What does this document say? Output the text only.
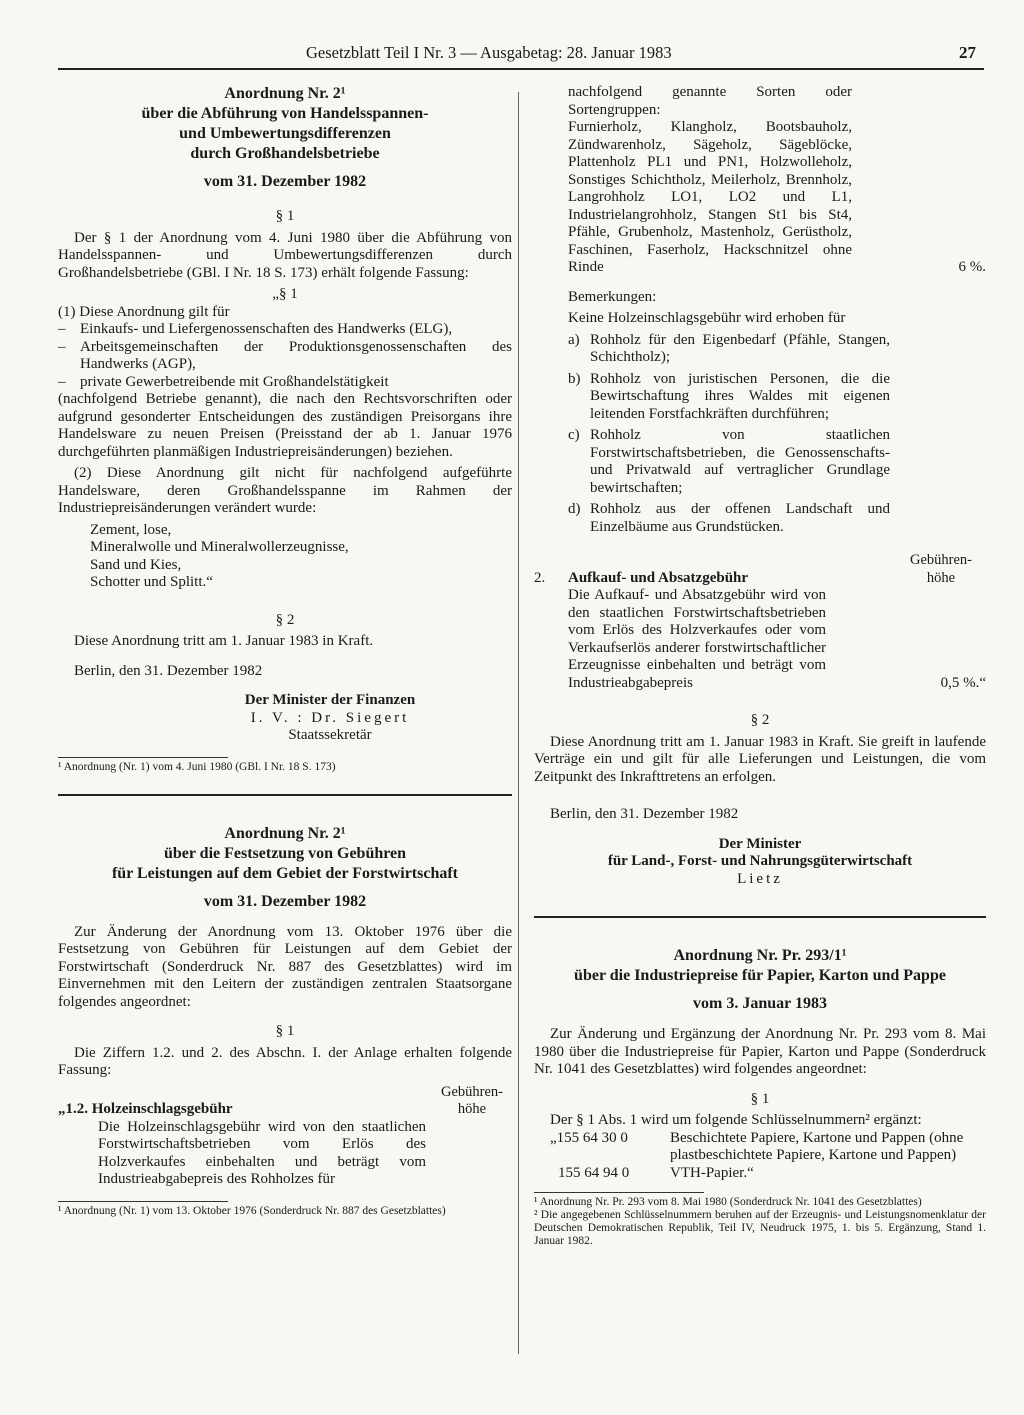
Gesetzblatt Teil I Nr. 3 — Ausgabetag: 28. Januar 1983	27
Anordnung Nr. 2¹
über die Abführung von Handelsspannen-
und Umbewertungsdifferenzen
durch Großhandelsbetriebe
vom 31. Dezember 1982
§ 1
Der § 1 der Anordnung vom 4. Juni 1980 über die Abführung von Handelsspannen- und Umbewertungsdifferenzen durch Großhandelsbetriebe (GBl. I Nr. 18 S. 173) erhält folgende Fassung:
„§ 1
(1) Diese Anordnung gilt für
– Einkaufs- und Liefergenossenschaften des Handwerks (ELG),
– Arbeitsgemeinschaften der Produktionsgenossenschaften des Handwerks (AGP),
– private Gewerbetreibende mit Großhandelstätigkeit
(nachfolgend Betriebe genannt), die nach den Rechtsvorschriften oder aufgrund gesonderter Entscheidungen des zuständigen Preisorgans ihre Handelsware zu neuen Preisen (Preisstand der ab 1. Januar 1976 durchgeführten planmäßigen Industriepreisänderungen) beziehen.
(2) Diese Anordnung gilt nicht für nachfolgend aufgeführte Handelsware, deren Großhandelsspanne im Rahmen der Industriepreisänderungen verändert wurde:
Zement, lose,
Mineralwolle und Mineralwollerzeugnisse,
Sand und Kies,
Schotter und Splitt.“
§ 2
Diese Anordnung tritt am 1. Januar 1983 in Kraft.
Berlin, den 31. Dezember 1982
Der Minister der Finanzen
I. V. : Dr. Siegert
Staatssekretär
¹ Anordnung (Nr. 1) vom 4. Juni 1980 (GBl. I Nr. 18 S. 173)
Anordnung Nr. 2¹
über die Festsetzung von Gebühren
für Leistungen auf dem Gebiet der Forstwirtschaft
vom 31. Dezember 1982
Zur Änderung der Anordnung vom 13. Oktober 1976 über die Festsetzung von Gebühren für Leistungen auf dem Gebiet der Forstwirtschaft (Sonderdruck Nr. 887 des Gesetzblattes) wird im Einvernehmen mit den Leitern der zuständigen zentralen Staatsorgane folgendes angeordnet:
§ 1
Die Ziffern 1.2. und 2. des Abschn. I. der Anlage erhalten folgende Fassung:
„1.2. Holzeinschlagsgebühr
Gebühren-
höhe
Die Holzeinschlagsgebühr wird von den staatlichen Forstwirtschaftsbetrieben vom Erlös des Holzverkaufes einbehalten und beträgt vom Industrieabgabepreis des Rohholzes für
¹ Anordnung (Nr. 1) vom 13. Oktober 1976 (Sonderdruck Nr. 887 des Gesetzblattes)
nachfolgend genannte Sorten oder Sortengruppen:
Furnierholz, Klangholz, Bootsbauholz, Zündwarenholz, Sägeholz, Sägeblöcke, Plattenholz PL1 und PN1, Holzwolleholz, Sonstiges Schichtholz, Meilerholz, Brennholz, Langrohholz LO1, LO2 und L1, Industrielangrohholz, Stangen St1 bis St4, Pfähle, Grubenholz, Mastenholz, Gerüstholz, Faschinen, Faserholz, Hackschnitzel ohne Rinde	6 %.
Bemerkungen:
Keine Holzeinschlagsgebühr wird erhoben für
a) Rohholz für den Eigenbedarf (Pfähle, Stangen, Schichtholz);
b) Rohholz von juristischen Personen, die die Bewirtschaftung ihres Waldes mit eigenen leitenden Forstfachkräften durchführen;
c) Rohholz von staatlichen Forstwirtschaftsbetrieben, die Genossenschafts- und Privatwald auf vertraglicher Grundlage bewirtschaften;
d) Rohholz aus der offenen Landschaft und Einzelbäume aus Grundstücken.
2.	Aufkauf- und Absatzgebühr
Gebühren-
höhe
Die Aufkauf- und Absatzgebühr wird von den staatlichen Forstwirtschaftsbetrieben vom Erlös des Holzverkaufes oder vom Verkaufserlös anderer forstwirtschaftlicher Erzeugnisse einbehalten und beträgt vom Industrieabgabepreis	0,5 %.“
§ 2
Diese Anordnung tritt am 1. Januar 1983 in Kraft. Sie greift in laufende Verträge ein und gilt für alle Lieferungen und Leistungen, die vom Zeitpunkt des Inkrafttretens an erfolgen.
Berlin, den 31. Dezember 1982
Der Minister
für Land-, Forst- und Nahrungsgüterwirtschaft
Lietz
Anordnung Nr. Pr. 293/1¹
über die Industriepreise für Papier, Karton und Pappe
vom 3. Januar 1983
Zur Änderung und Ergänzung der Anordnung Nr. Pr. 293 vom 8. Mai 1980 über die Industriepreise für Papier, Karton und Pappe (Sonderdruck Nr. 1041 des Gesetzblattes) wird folgendes angeordnet:
§ 1
Der § 1 Abs. 1 wird um folgende Schlüsselnummern² ergänzt:
„155 64 30 0	Beschichtete Papiere, Kartone und Pappen (ohne plastbeschichtete Papiere, Kartone und Pappen)
155 64 94 0	VTH-Papier.“
¹ Anordnung Nr. Pr. 293 vom 8. Mai 1980 (Sonderdruck Nr. 1041 des Gesetzblattes)
² Die angegebenen Schlüsselnummern beruhen auf der Erzeugnis- und Leistungsnomenklatur der Deutschen Demokratischen Republik, Teil IV, Neudruck 1975, 1. bis 5. Ergänzung, Stand 1. Januar 1982.
